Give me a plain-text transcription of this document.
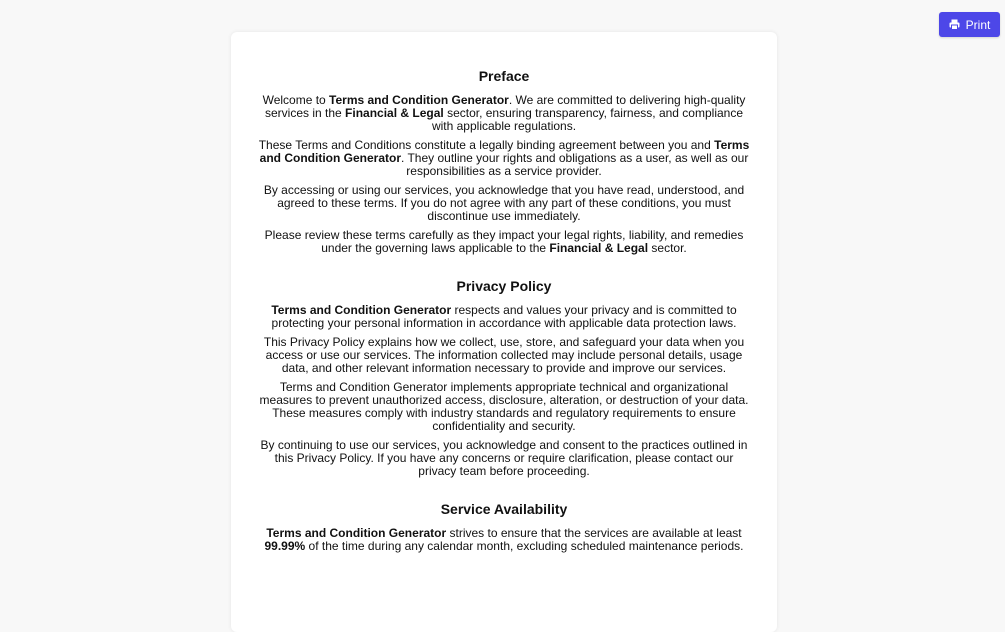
Print
Preface

Welcome to Terms and Condition Generator. We are committed to delivering high-quality services in the Financial & Legal sector, ensuring transparency, fairness, and compliance with applicable regulations.

These Terms and Conditions constitute a legally binding agreement between you and Terms and Condition Generator. They outline your rights and obligations as a user, as well as our responsibilities as a service provider.

By accessing or using our services, you acknowledge that you have read, understood, and agreed to these terms. If you do not agree with any part of these conditions, you must discontinue use immediately.

Please review these terms carefully as they impact your legal rights, liability, and remedies under the governing laws applicable to the Financial & Legal sector.

Privacy Policy

Terms and Condition Generator respects and values your privacy and is committed to protecting your personal information in accordance with applicable data protection laws.

This Privacy Policy explains how we collect, use, store, and safeguard your data when you access or use our services. The information collected may include personal details, usage data, and other relevant information necessary to provide and improve our services.

Terms and Condition Generator implements appropriate technical and organizational measures to prevent unauthorized access, disclosure, alteration, or destruction of your data. These measures comply with industry standards and regulatory requirements to ensure confidentiality and security.

By continuing to use our services, you acknowledge and consent to the practices outlined in this Privacy Policy. If you have any concerns or require clarification, please contact our privacy team before proceeding.

Service Availability

Terms and Condition Generator strives to ensure that the services are available at least 99.99% of the time during any calendar month, excluding scheduled maintenance periods.
